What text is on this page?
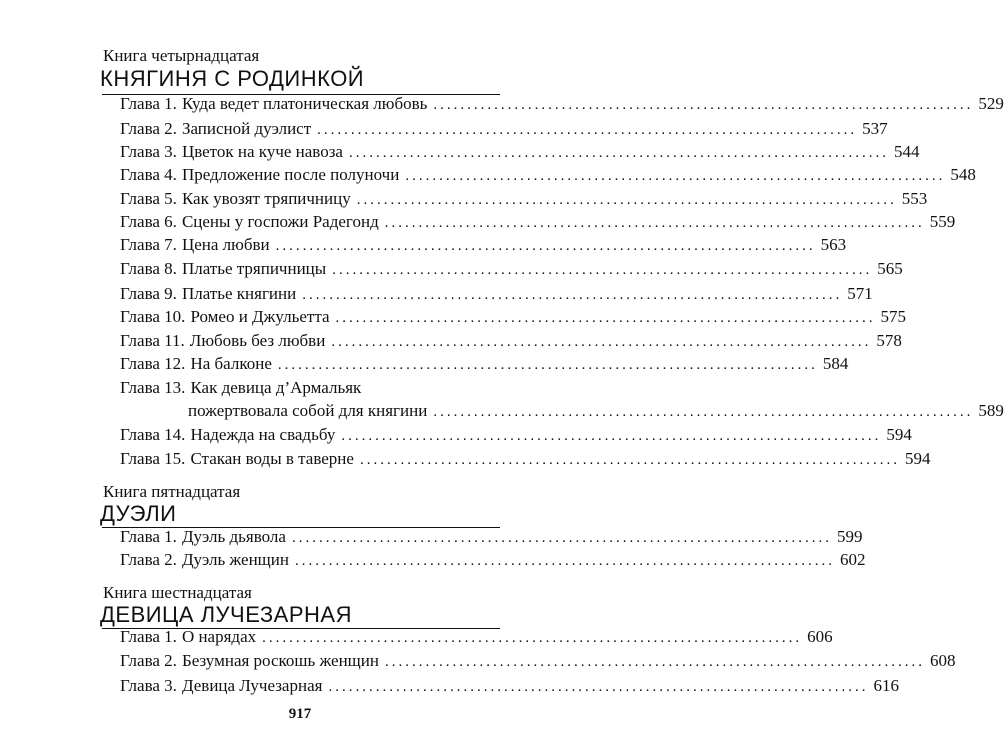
Книга четырнадцатая
КНЯГИНЯ С РОДИНКОЙ
Глава 1. Куда ведет платоническая любовь ................................................................................ 529
Глава 2. Записной дуэлист ................................................................................ 537
Глава 3. Цветок на куче навоза ................................................................................ 544
Глава 4. Предложение после полуночи ................................................................................ 548
Глава 5. Как увозят тряпичницу ................................................................................ 553
Глава 6. Сцены у госпожи Радегонд ................................................................................ 559
Глава 7. Цена любви ................................................................................ 563
Глава 8. Платье тряпичницы ................................................................................ 565
Глава 9. Платье княгини ................................................................................ 571
Глава 10. Ромео и Джульетта ................................................................................ 575
Глава 11. Любовь без любви ................................................................................ 578
Глава 12. На балконе ................................................................................ 584
Глава 13. Как девица д’Армальяк
пожертвовала собой для княгини ................................................................................ 589
Глава 14. Надежда на свадьбу ................................................................................ 594
Глава 15. Стакан воды в таверне ................................................................................ 594
Книга пятнадцатая
ДУЭЛИ
Глава 1. Дуэль дьявола ................................................................................ 599
Глава 2. Дуэль женщин ................................................................................ 602
Книга шестнадцатая
ДЕВИЦА ЛУЧЕЗАРНАЯ
Глава 1. О нарядах ................................................................................ 606
Глава 2. Безумная роскошь женщин ................................................................................ 608
Глава 3. Девица Лучезарная ................................................................................ 616
917
